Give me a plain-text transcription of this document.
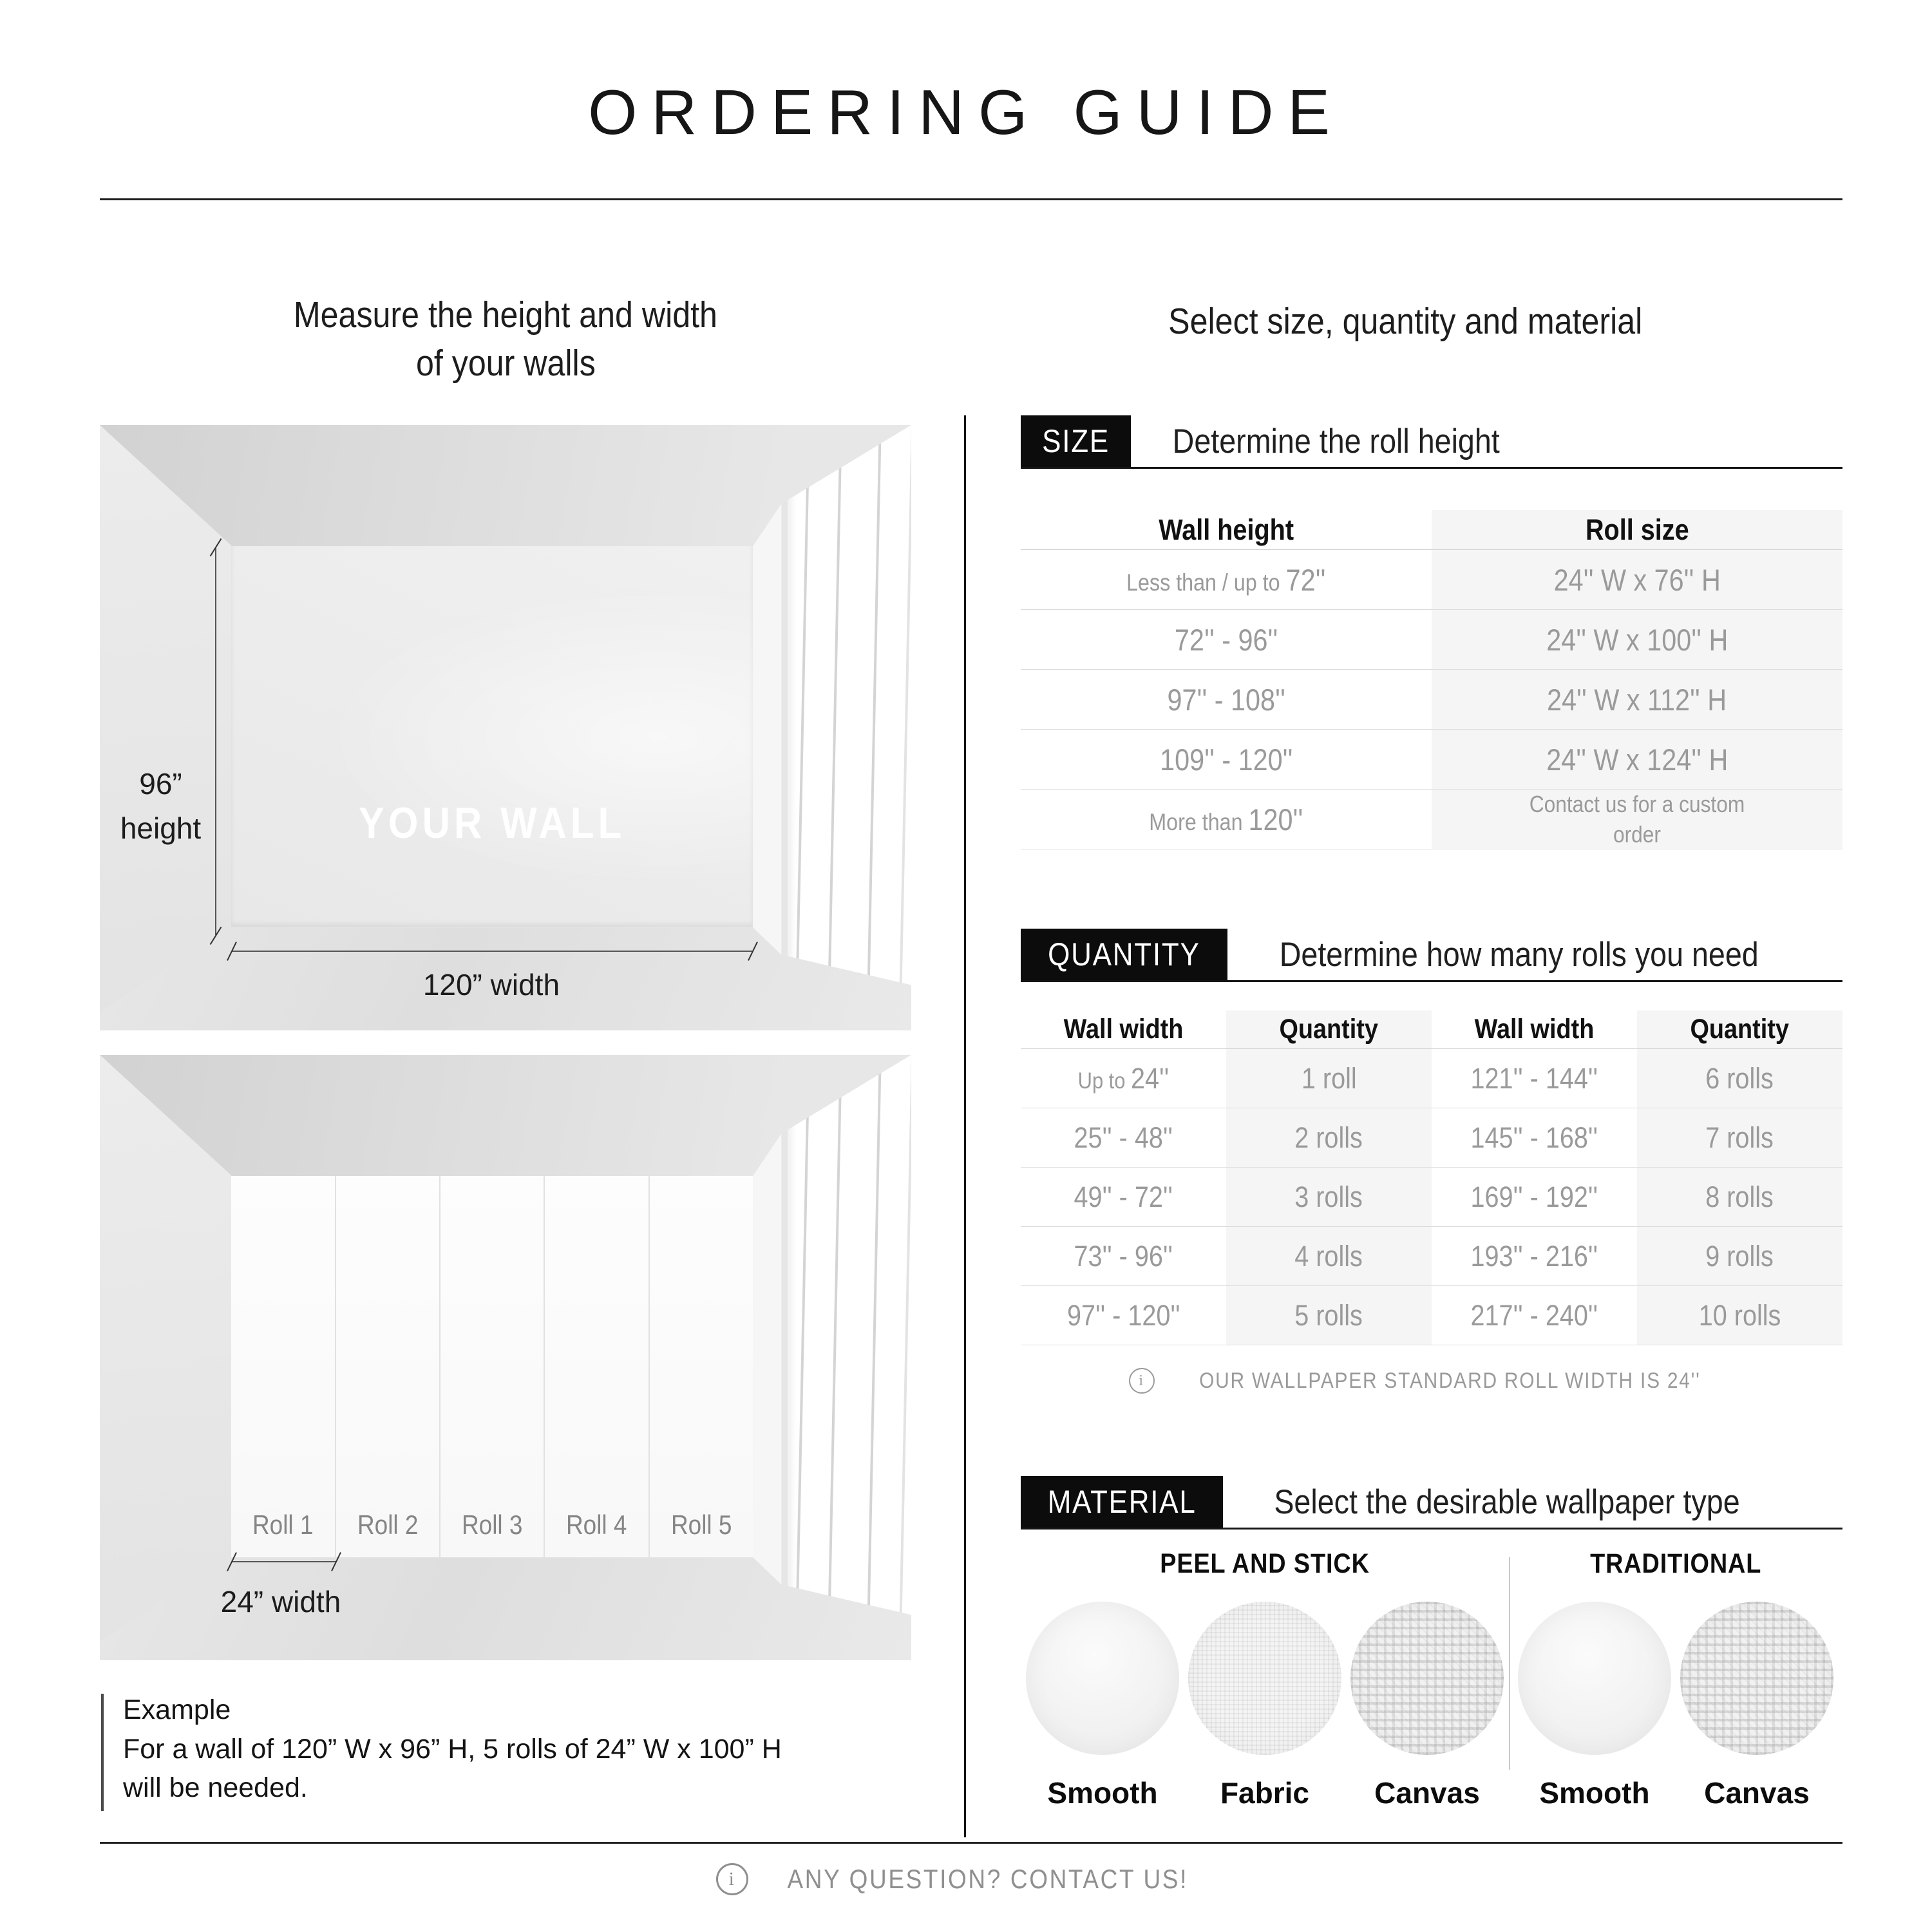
ORDERING GUIDE
Measure the height and width
of your walls
Select size, quantity and material
YOUR WALL
96”
height
120” width
Roll 1	Roll 2	Roll 3	Roll 4	Roll 5
24” width

Example

For a wall of 120” W x 96” H, 5 rolls of 24” W x 100” H

will be needed.

SIZE Determine the roll height
Wall height	Roll size
Less than / up to 72''	24'' W x 76'' H
72'' - 96''	24'' W x 100'' H
97'' - 108''	24'' W x 112'' H
109'' - 120''	24'' W x 124'' H
More than 120''	Contact us for a custom order
QUANTITY Determine how many rolls you need
Wall width	Quantity	Wall width	Quantity
Up to 24''	1 roll	121'' - 144''	6 rolls
25'' - 48''	2 rolls	145'' - 168''	7 rolls
49'' - 72''	3 rolls	169'' - 192''	8 rolls
73'' - 96''	4 rolls	193'' - 216''	9 rolls
97'' - 120''	5 rolls	217'' - 240''	10 rolls
i	OUR WALLPAPER STANDARD ROLL WIDTH IS 24''
MATERIAL Select the desirable wallpaper type
PEEL AND STICK
Smooth Fabric Canvas
TRADITIONAL
Smooth Canvas
i	ANY QUESTION? CONTACT US!
